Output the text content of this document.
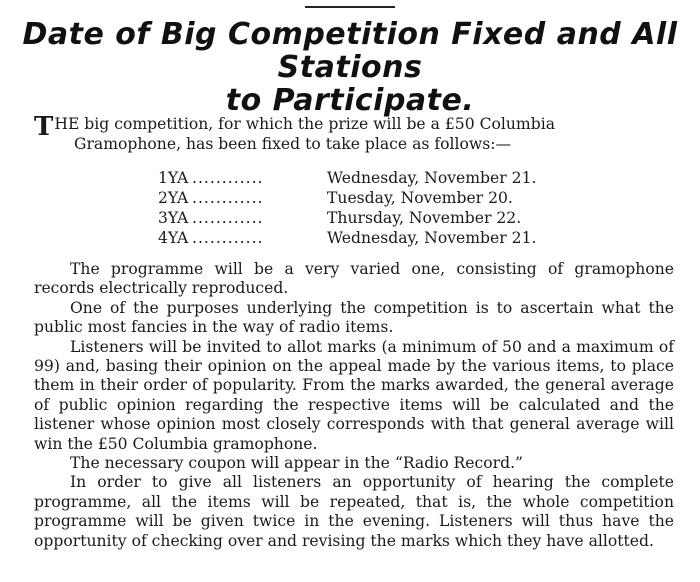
Date of Big Competition Fixed and All Stations
to Participate.
T HE big competition, for which the prize will be a £50 Columbia
Gramophone, has been fixed to take place as follows:—
1YA ............	Wednesday, November 21.
2YA ............	Tuesday, November 20.
3YA ............	Thursday, November 22.
4YA ............	Wednesday, November 21.

The programme will be a very varied one, consisting of gramophone records electrically reproduced.

One of the purposes underlying the competition is to ascertain what the public most fancies in the way of radio items.

Listeners will be invited to allot marks (a minimum of 50 and a maximum of 99) and, basing their opinion on the appeal made by the various items, to place them in their order of popularity. From the marks awarded, the general average of public opinion regarding the respective items will be calculated and the listener whose opinion most closely corresponds with that general average will win the £50 Columbia gramophone.

The necessary coupon will appear in the “Radio Record.”

In order to give all listeners an opportunity of hearing the complete programme, all the items will be repeated, that is, the whole competition programme will be given twice in the evening. Listeners will thus have the opportunity of checking over and revising the marks which they have allotted.
